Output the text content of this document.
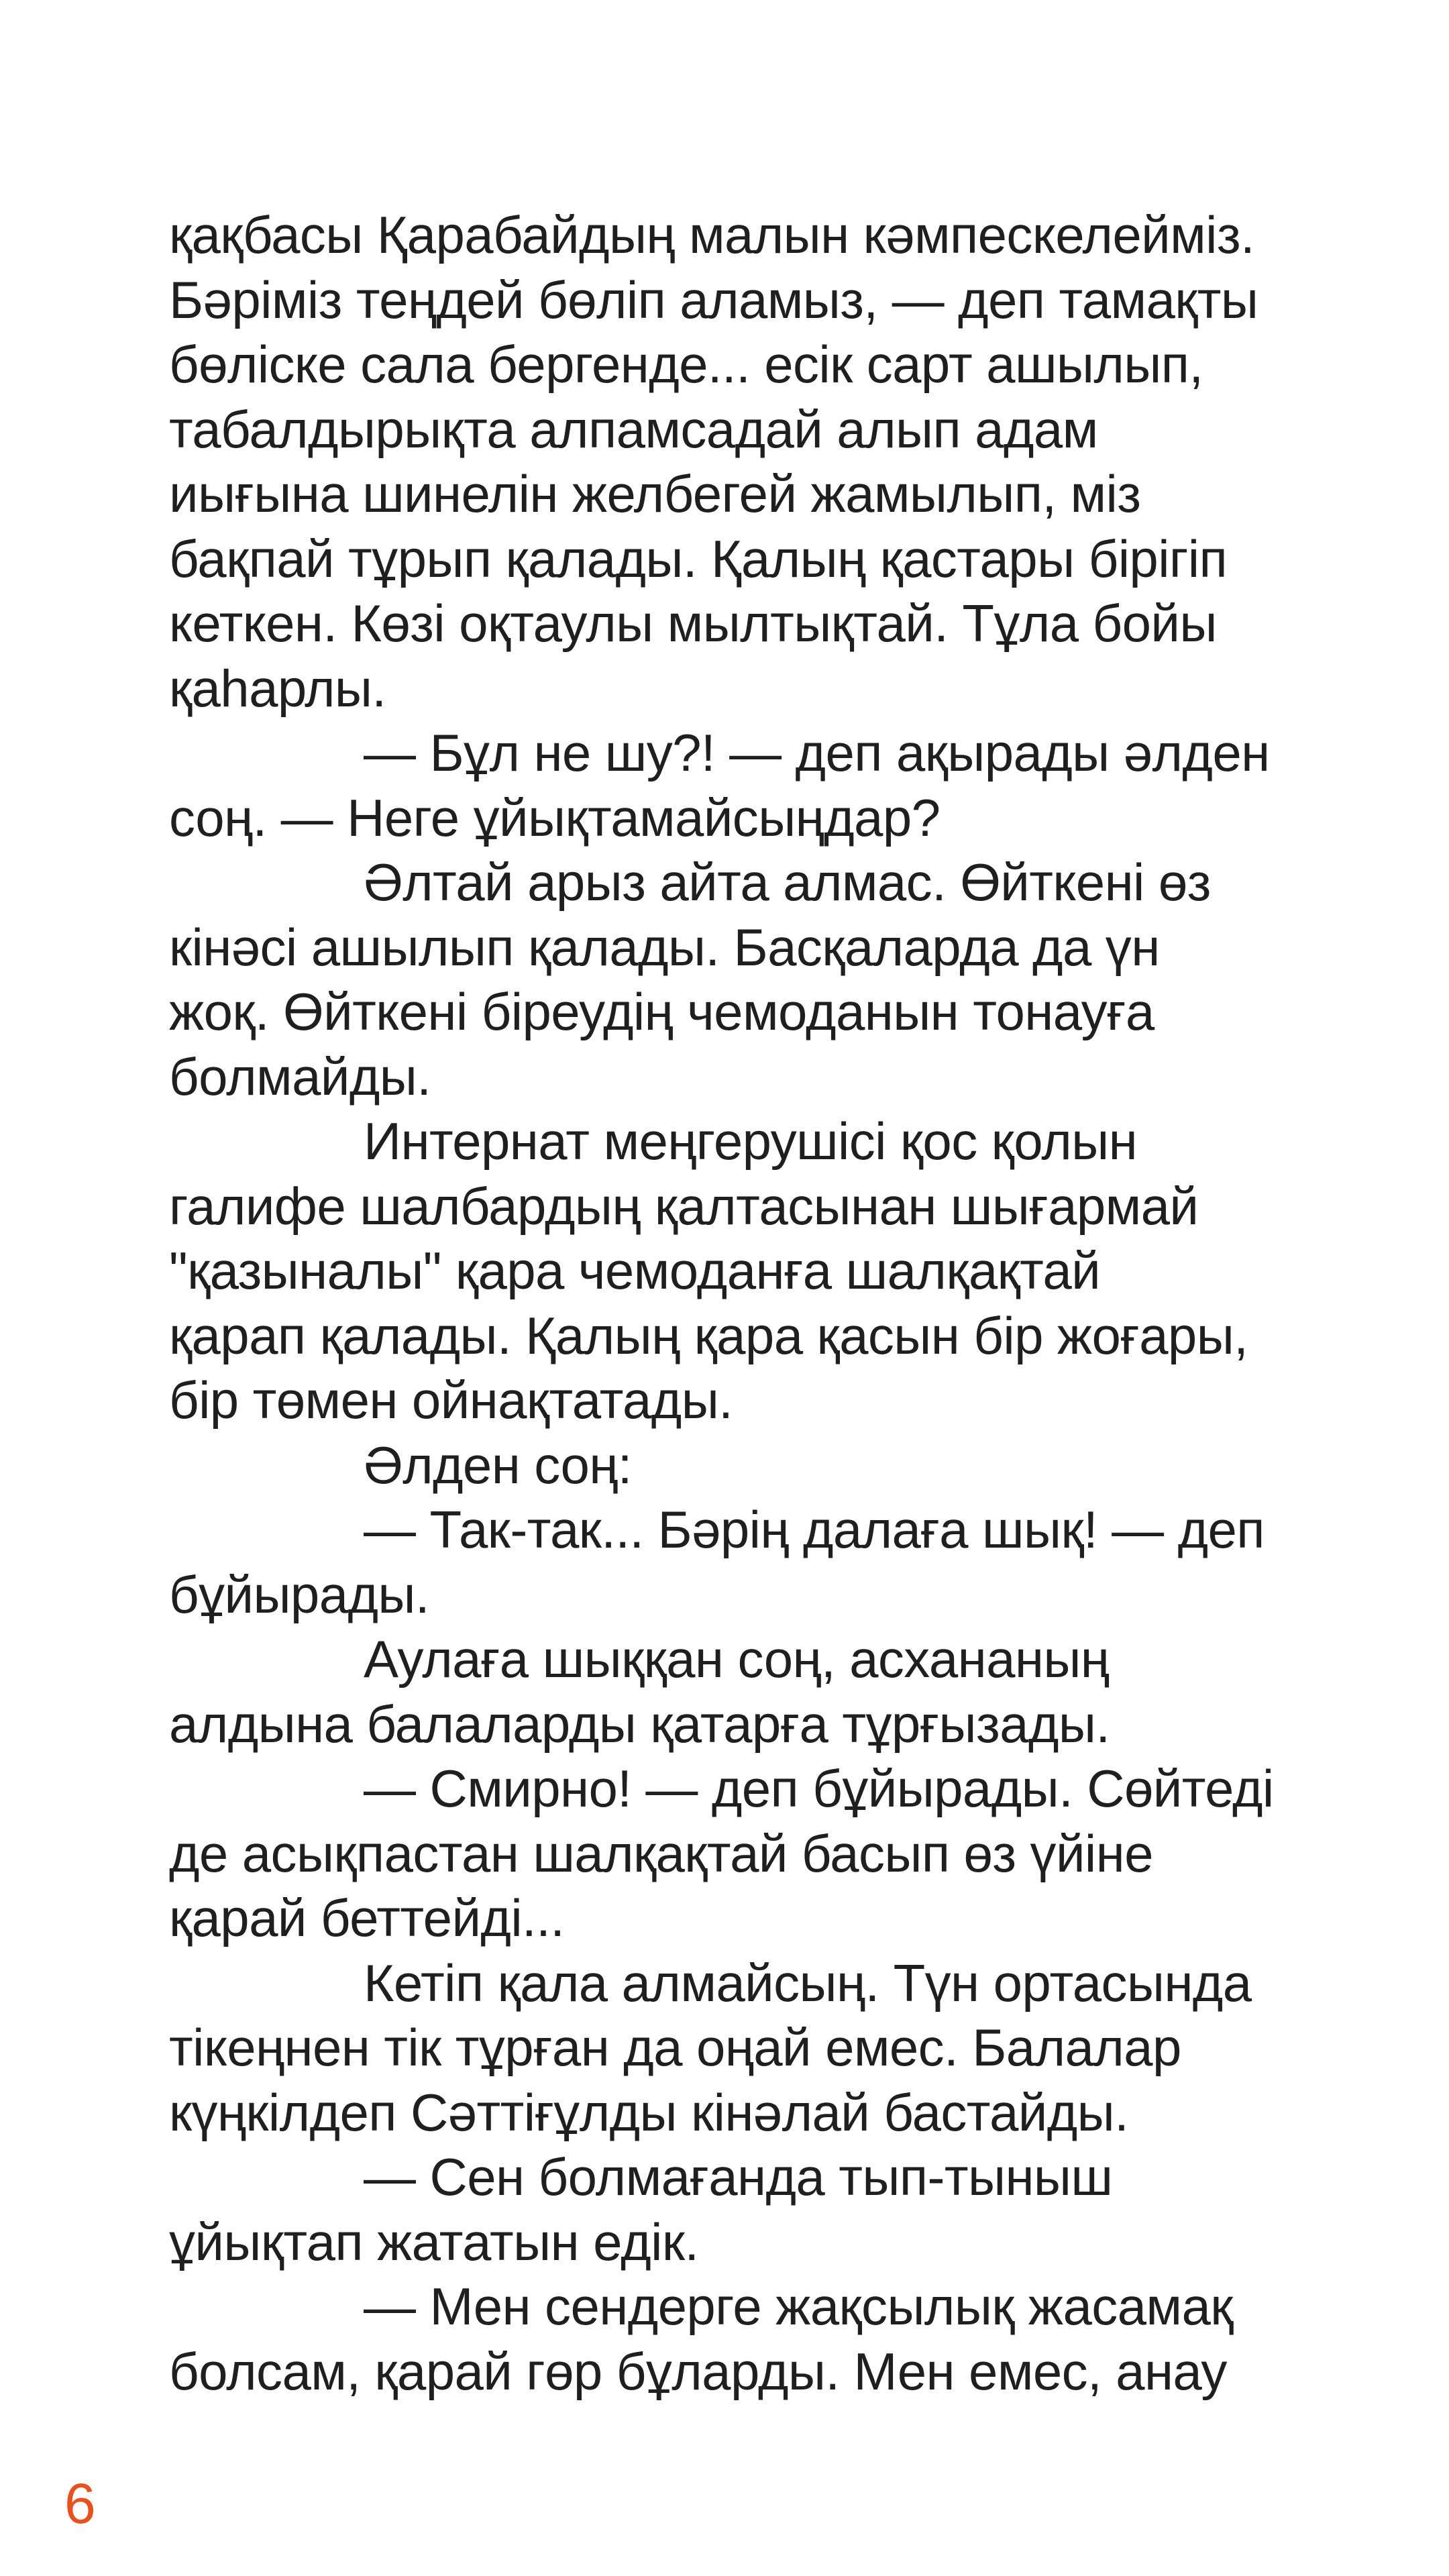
қақбасы Қарабайдың малын кәмпескелейміз.
Бәріміз теңдей бөліп аламыз, — деп тамақты
бөліске сала бергенде... есік сарт ашылып,
табалдырықта алпамсадай алып адам
иығына шинелін желбегей жамылып, міз
бақпай тұрып қалады. Қалың қастары бірігіп
кеткен. Көзі оқтаулы мылтықтай. Тұла бойы
қаһарлы.
— Бұл не шу?! — деп ақырады әлден
соң. — Неге ұйықтамайсыңдар?
Әлтай арыз айта алмас. Өйткені өз
кінәсі ашылып қалады. Басқаларда да үн
жоқ. Өйткені біреудің чемоданын тонауға
болмайды.
Интернат меңгерушісі қос қолын
галифе шалбардың қалтасынан шығармай
"қазыналы" қара чемоданға шалқақтай
қарап қалады. Қалың қара қасын бір жоғары,
бір төмен ойнақтатады.
Әлден соң:
— Так-так... Бәрің далаға шық! — деп
бұйырады.
Аулаға шыққан соң, асхананың
алдына балаларды қатарға тұрғызады.
— Смирно! — деп бұйырады. Сөйтеді
де асықпастан шалқақтай басып өз үйіне
қарай беттейді...
Кетіп қала алмайсың. Түн ортасында
тікеңнен тік тұрған да оңай емес. Балалар
күңкілдеп Сәттіғұлды кінәлай бастайды.
— Сен болмағанда тып-тыныш
ұйықтап жататын едік.
— Мен сендерге жақсылық жасамақ
болсам, қарай гөр бұларды. Мен емес, анау
6
